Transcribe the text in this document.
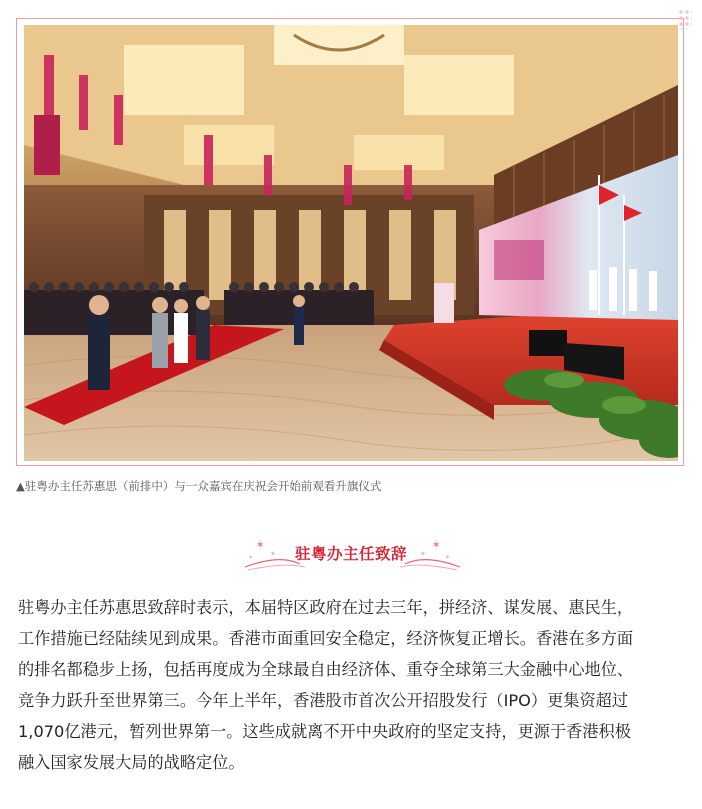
▲驻粤办主任苏惠思（前排中）与一众嘉宾在庆祝会开始前观看升旗仪式
✶
✶
✶
✶
✶	✶
驻粤办主任致辞
驻粤办主任苏惠思致辞时表示，本届特区政府在过去三年，拼经济、谋发展、惠民生，
工作措施已经陆续见到成果。香港市面重回安全稳定，经济恢复正增长。香港在多方面
的排名都稳步上扬，包括再度成为全球最自由经济体、重夺全球第三大金融中心地位、
竞争力跃升至世界第三。今年上半年，香港股市首次公开招股发行（IPO）更集资超过
1,070亿港元，暂列世界第一。这些成就离不开中央政府的坚定支持，更源于香港积极
融入国家发展大局的战略定位。
